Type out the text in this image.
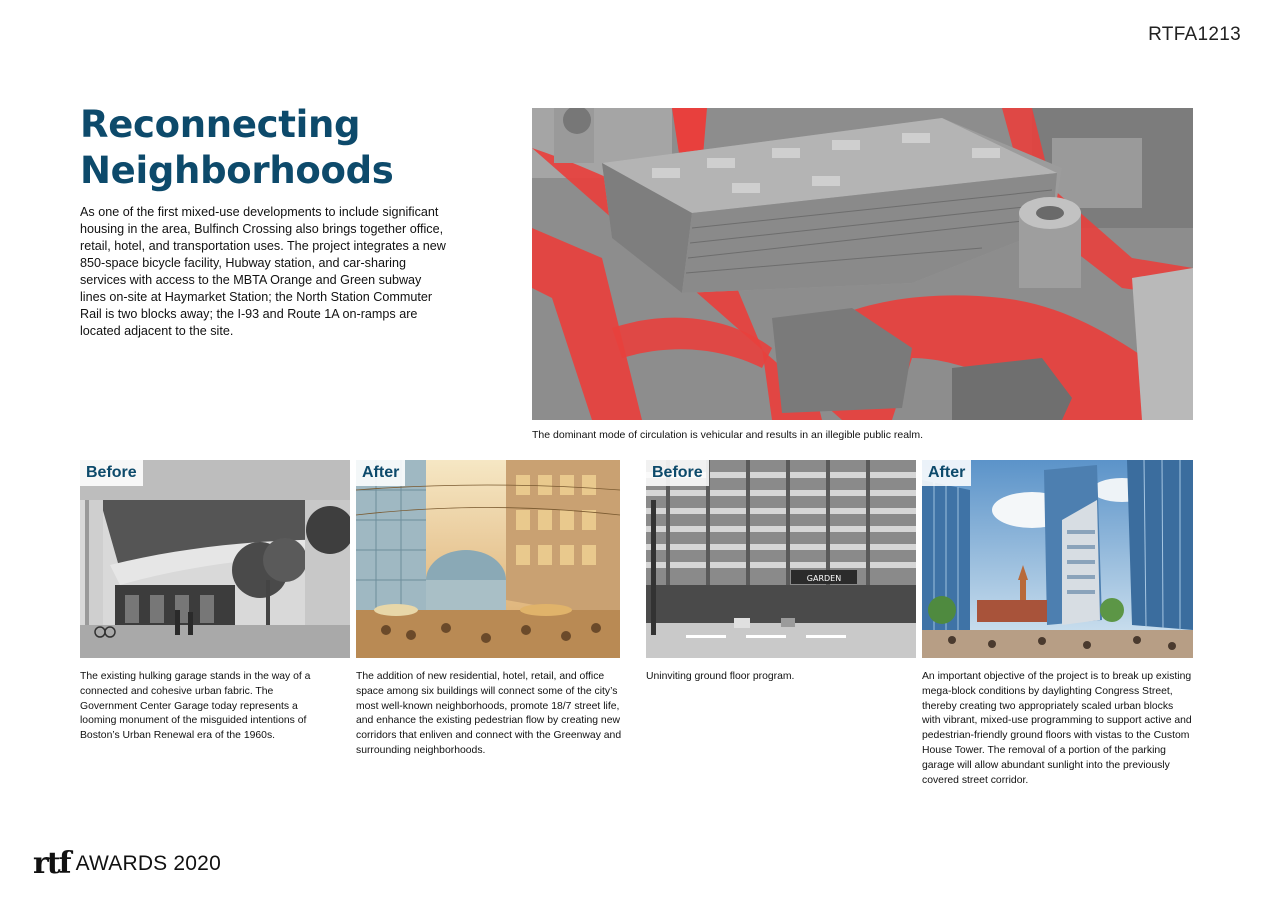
RTFA1213
Reconnecting
Neighborhoods

As one of the first mixed-use developments to include significant housing in the area, Bulfinch Crossing also brings together office, retail, hotel, and transportation uses. The project integrates a new 850-space bicycle facility, Hubway station, and car-sharing services with access to the MBTA Orange and Green subway lines on-site at Haymarket Station; the North Station Commuter Rail is two blocks away; the I-93 and Route 1A on-ramps are located adjacent to the site.

The dominant mode of circulation is vehicular and results in an illegible public realm.
Before

The existing hulking garage stands in the way of a connected and cohesive urban fabric. The Government Center Garage today represents a looming monument of the misguided intentions of Boston’s Urban Renewal era of the 1960s.

After

The addition of new residential, hotel, retail, and office space among six buildings will connect some of the city’s most well-known neighborhoods, promote 18/7 street life, and enhance the existing pedestrian flow by creating new corridors that enliven and connect with the Greenway and surrounding neighborhoods.

GARDEN
Before

Uninviting ground floor program.

After

An important objective of the project is to break up existing mega-block conditions by daylighting Congress Street, thereby creating two appropriately scaled urban blocks with vibrant, mixed-use programming to support active and pedestrian-friendly ground floors with vistas to the Custom House Tower. The removal of a portion of the parking garage will allow abundant sunlight into the previously covered street corridor.

rtf AWARDS 2020
